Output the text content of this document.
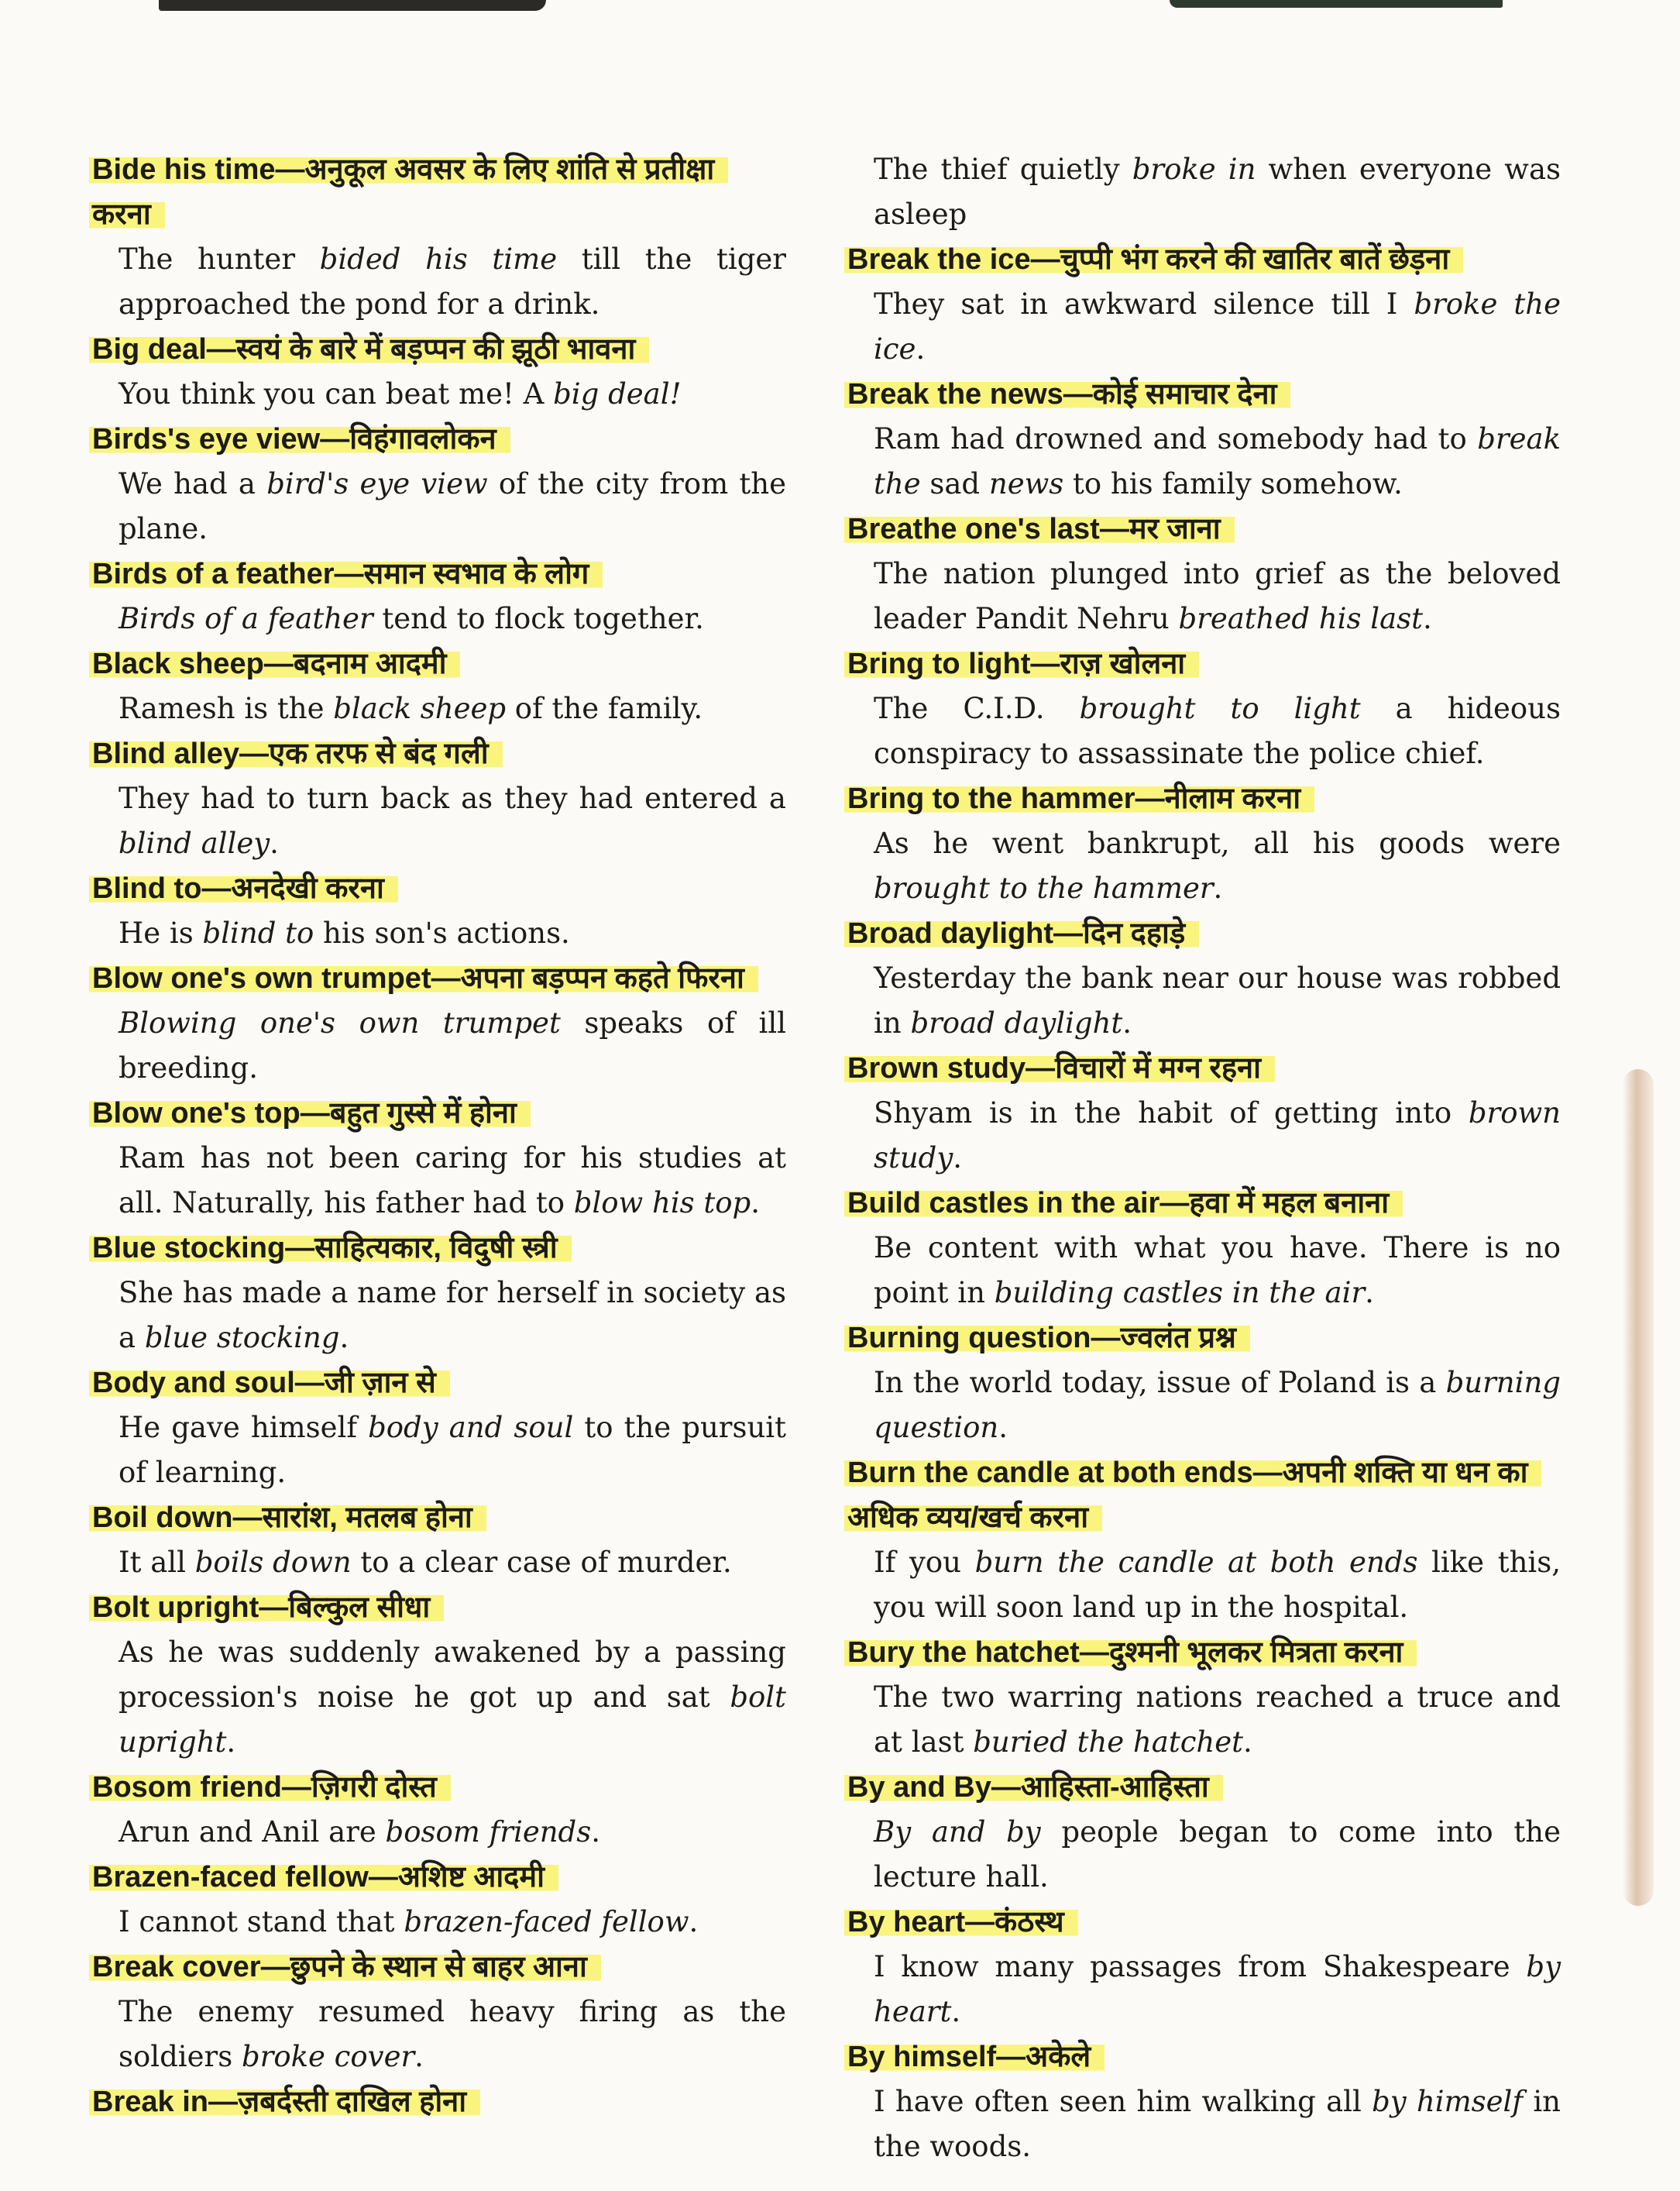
Bide his time—अनुकूल अवसर के लिए शांति से प्रतीक्षा करना

The hunter bided his time till the tiger approached the pond for a drink.

Big deal—स्वयं के बारे में बड़प्पन की झूठी भावना

You think you can beat me! A big deal!

Birds's eye view—विहंगावलोकन

We had a bird's eye view of the city from the plane.

Birds of a feather—समान स्वभाव के लोग

Birds of a feather tend to flock together.

Black sheep—बदनाम आदमी

Ramesh is the black sheep of the family.

Blind alley—एक तरफ से बंद गली

They had to turn back as they had entered a blind alley.

Blind to—अनदेखी करना

He is blind to his son's actions.

Blow one's own trumpet—अपना बड़प्पन कहते फिरना

Blowing one's own trumpet speaks of ill breeding.

Blow one's top—बहुत गुस्से में होना

Ram has not been caring for his studies at all. Naturally, his father had to blow his top.

Blue stocking—साहित्यकार, विदुषी स्त्री

She has made a name for herself in society as a blue stocking.

Body and soul—जी ज़ान से

He gave himself body and soul to the pursuit of learning.

Boil down—सारांश, मतलब होना

It all boils down to a clear case of murder.

Bolt upright—बिल्कुल सीधा

As he was suddenly awakened by a passing procession's noise he got up and sat bolt upright.

Bosom friend—ज़िगरी दोस्त

Arun and Anil are bosom friends.

Brazen-faced fellow—अशिष्ट आदमी

I cannot stand that brazen-faced fellow.

Break cover—छुपने के स्थान से बाहर आना

The enemy resumed heavy firing as the soldiers broke cover.

Break in—ज़बर्दस्ती दाखिल होना

The thief quietly broke in when everyone was asleep

Break the ice—चुप्पी भंग करने की खातिर बातें छेड़ना

They sat in awkward silence till I broke the ice.

Break the news—कोई समाचार देना

Ram had drowned and somebody had to break the sad news to his family somehow.

Breathe one's last—मर जाना

The nation plunged into grief as the beloved leader Pandit Nehru breathed his last.

Bring to light—राज़ खोलना

The C.I.D. brought to light a hideous conspiracy to assassinate the police chief.

Bring to the hammer—नीलाम करना

As he went bankrupt, all his goods were brought to the hammer.

Broad daylight—दिन दहाड़े

Yesterday the bank near our house was robbed in broad daylight.

Brown study—विचारों में मग्न रहना

Shyam is in the habit of getting into brown study.

Build castles in the air—हवा में महल बनाना

Be content with what you have. There is no point in building castles in the air.

Burning question—ज्वलंत प्रश्न

In the world today, issue of Poland is a burning question.

Burn the candle at both ends—अपनी शक्ति या धन का अधिक व्यय/खर्च करना

If you burn the candle at both ends like this, you will soon land up in the hospital.

Bury the hatchet—दुश्मनी भूलकर मित्रता करना

The two warring nations reached a truce and at last buried the hatchet.

By and By—आहिस्ता-आहिस्ता

By and by people began to come into the lecture hall.

By heart—कंठस्थ

I know many passages from Shakespeare by heart.

By himself—अकेले

I have often seen him walking all by himself in the woods.
